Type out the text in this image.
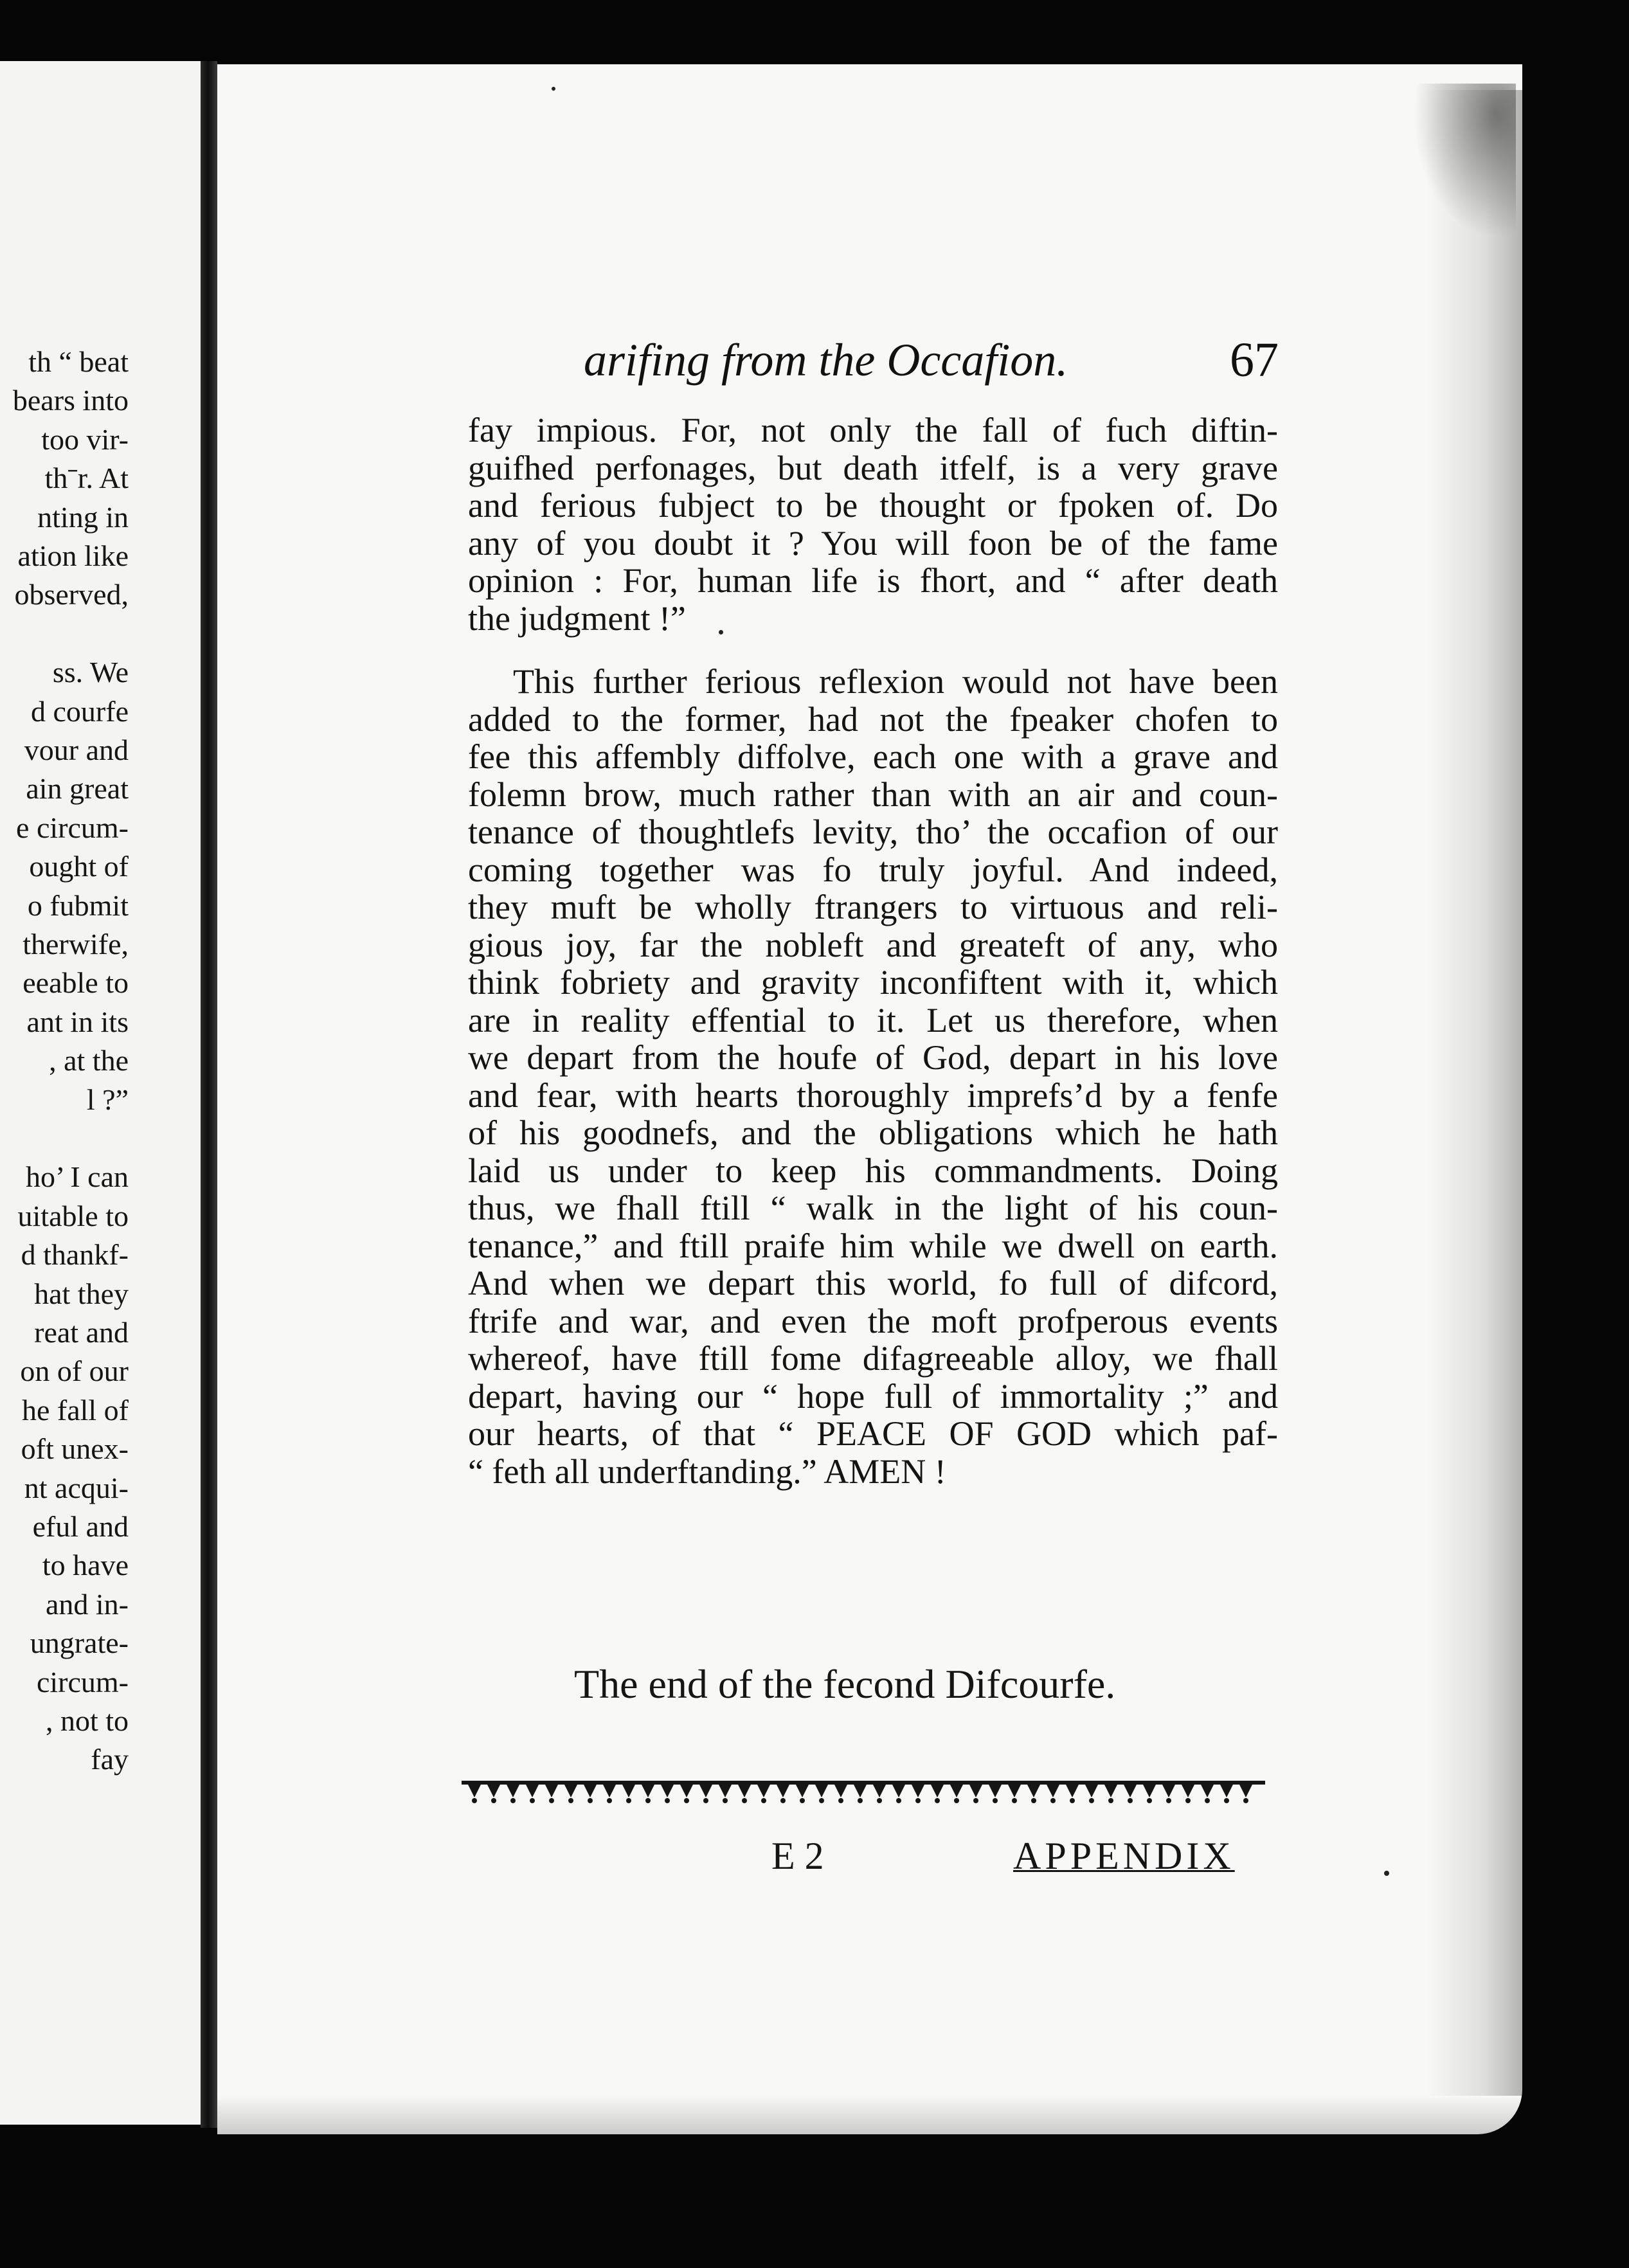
th “ beat
bears into
too vir-
thˉr. At
nting in
ation like
observed,
ss. We
d courfe
vour and
ain great
e circum-
ought of
o fubmit
therwife,
eeable to
ant in its
, at the
l ?”
ho’ I can
uitable to
d thankf-
hat they
reat and
on of our
he fall of
oft unex-
nt acqui-
eful and
to have
and in-
ungrate-
circum-
, not to
fay
arifing from the Occafion.	67
fay impious. For, not only the fall of fuch diftin-
guifhed perfonages, but death itfelf, is a very grave
and ferious fubject to be thought or fpoken of. Do
any of you doubt it ? You will foon be of the fame
opinion : For, human life is fhort, and “ after death
the judgment !”
This further ferious reflexion would not have been
added to the former, had not the fpeaker chofen to
fee this affembly diffolve, each one with a grave and
folemn brow, much rather than with an air and coun-
tenance of thoughtlefs levity, tho’ the occafion of our
coming together was fo truly joyful. And indeed,
they muft be wholly ftrangers to virtuous and reli-
gious joy, far the nobleft and greateft of any, who
think fobriety and gravity inconfiftent with it, which
are in reality effential to it. Let us therefore, when
we depart from the houfe of God, depart in his love
and fear, with hearts thoroughly imprefs’d by a fenfe
of his goodnefs, and the obligations which he hath
laid us under to keep his commandments. Doing
thus, we fhall ftill “ walk in the light of his coun-
tenance,” and ftill praife him while we dwell on earth.
And when we depart this world, fo full of difcord,
ftrife and war, and even the moft profperous events
whereof, have ftill fome difagreeable alloy, we fhall
depart, having our “ hope full of immortality ;” and
our hearts, of that “ PEACE OF GOD which paf-
“ feth all underftanding.” AMEN !
The end of the fecond Difcourfe.
E 2	APPENDIX
